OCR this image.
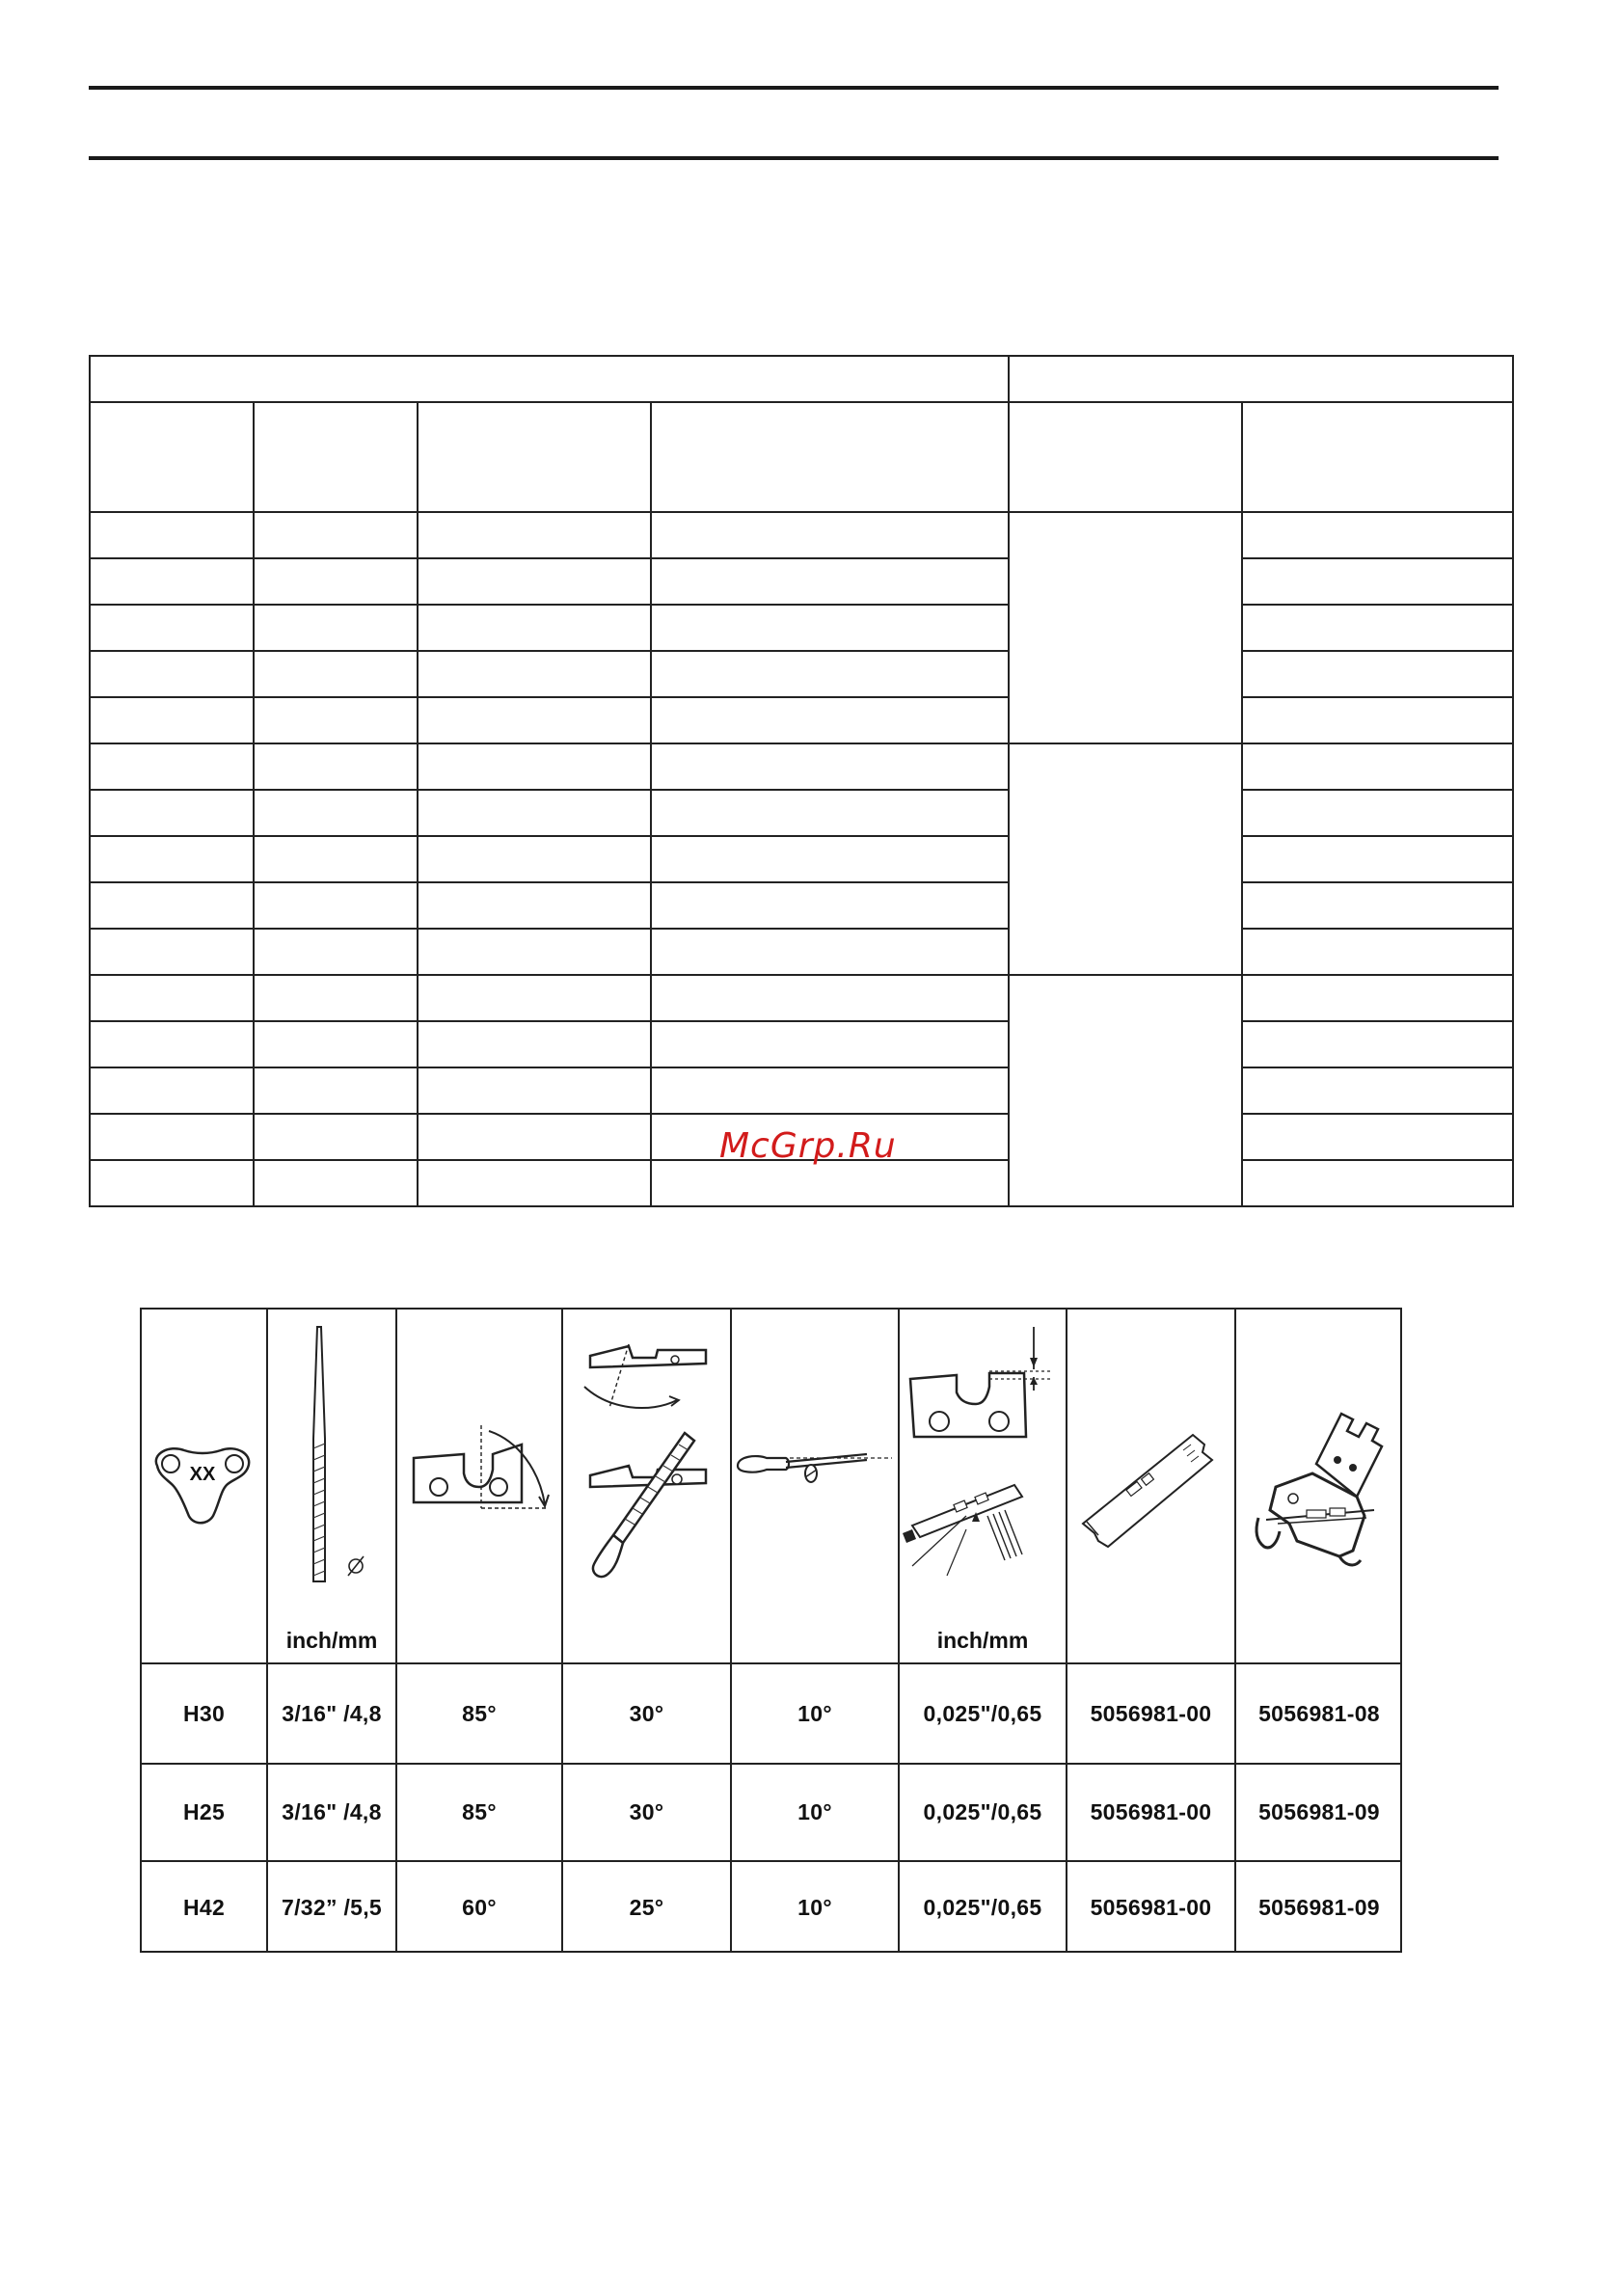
McGrp.Ru
XX
inch/mm	inch/mm
H30	3/16" /4,8	85°	30°	10°	0,025"/0,65	5056981-00	5056981-08
H25	3/16" /4,8	85°	30°	10°	0,025"/0,65	5056981-00	5056981-09
H42	7/32” /5,5	60°	25°	10°	0,025"/0,65	5056981-00	5056981-09
